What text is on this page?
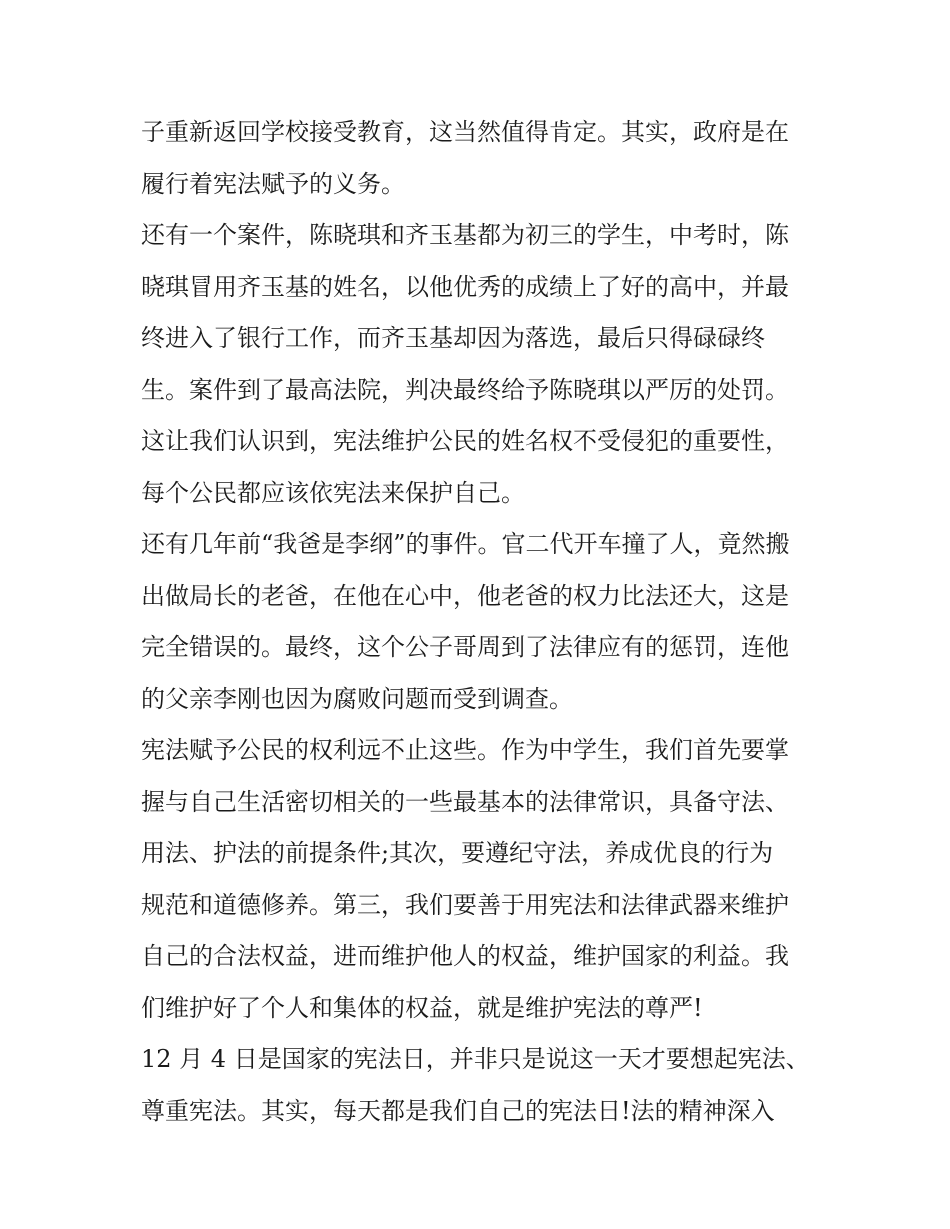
子重新返回学校接受教育，这当然值得肯定。其实，政府是在
履行着宪法赋予的义务。
还有一个案件，陈晓琪和齐玉基都为初三的学生，中考时，陈
晓琪冒用齐玉基的姓名，以他优秀的成绩上了好的高中，并最
终进入了银行工作，而齐玉基却因为落选，最后只得碌碌终
生。案件到了最高法院，判决最终给予陈晓琪以严厉的处罚。
这让我们认识到，宪法维护公民的姓名权不受侵犯的重要性，
每个公民都应该依宪法来保护自己。
还有几年前“我爸是李纲”的事件。官二代开车撞了人，竟然搬
出做局长的老爸，在他在心中，他老爸的权力比法还大，这是
完全错误的。最终，这个公子哥周到了法律应有的惩罚，连他
的父亲李刚也因为腐败问题而受到调查。
宪法赋予公民的权利远不止这些。作为中学生，我们首先要掌
握与自己生活密切相关的一些最基本的法律常识，具备守法、
用法、护法的前提条件;其次，要遵纪守法，养成优良的行为
规范和道德修养。第三，我们要善于用宪法和法律武器来维护
自己的合法权益，进而维护他人的权益，维护国家的利益。我
们维护好了个人和集体的权益，就是维护宪法的尊严!
12 月 4 日是国家的宪法日，并非只是说这一天才要想起宪法、
尊重宪法。其实，每天都是我们自己的宪法日!法的精神深入
